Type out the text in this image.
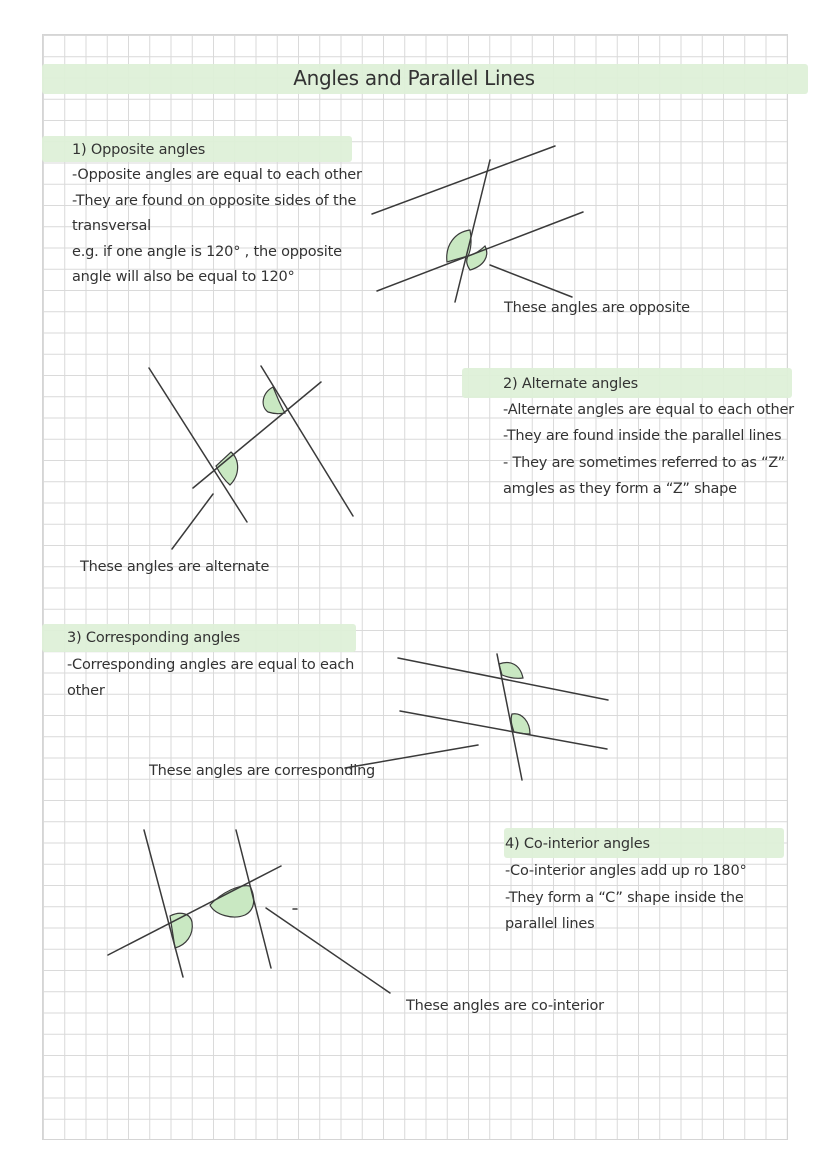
Angles and Parallel Lines
1) Opposite angles
-Opposite angles are equal to each other
-They are found on opposite sides of the
transversal
e.g. if one angle is 120° , the opposite
angle will also be equal to 120°
These angles are opposite
2) Alternate angles
-Alternate angles are equal to each other
-They are found inside the parallel lines
- They are sometimes referred to as “Z”
amgles as they form a “Z” shape
These angles are alternate
3) Corresponding angles
-Corresponding angles are equal to each
other
These angles are corresponding
4) Co-interior angles
-Co-interior angles add up ro 180°
-They form a “C” shape inside the
parallel lines
These angles are co-interior
